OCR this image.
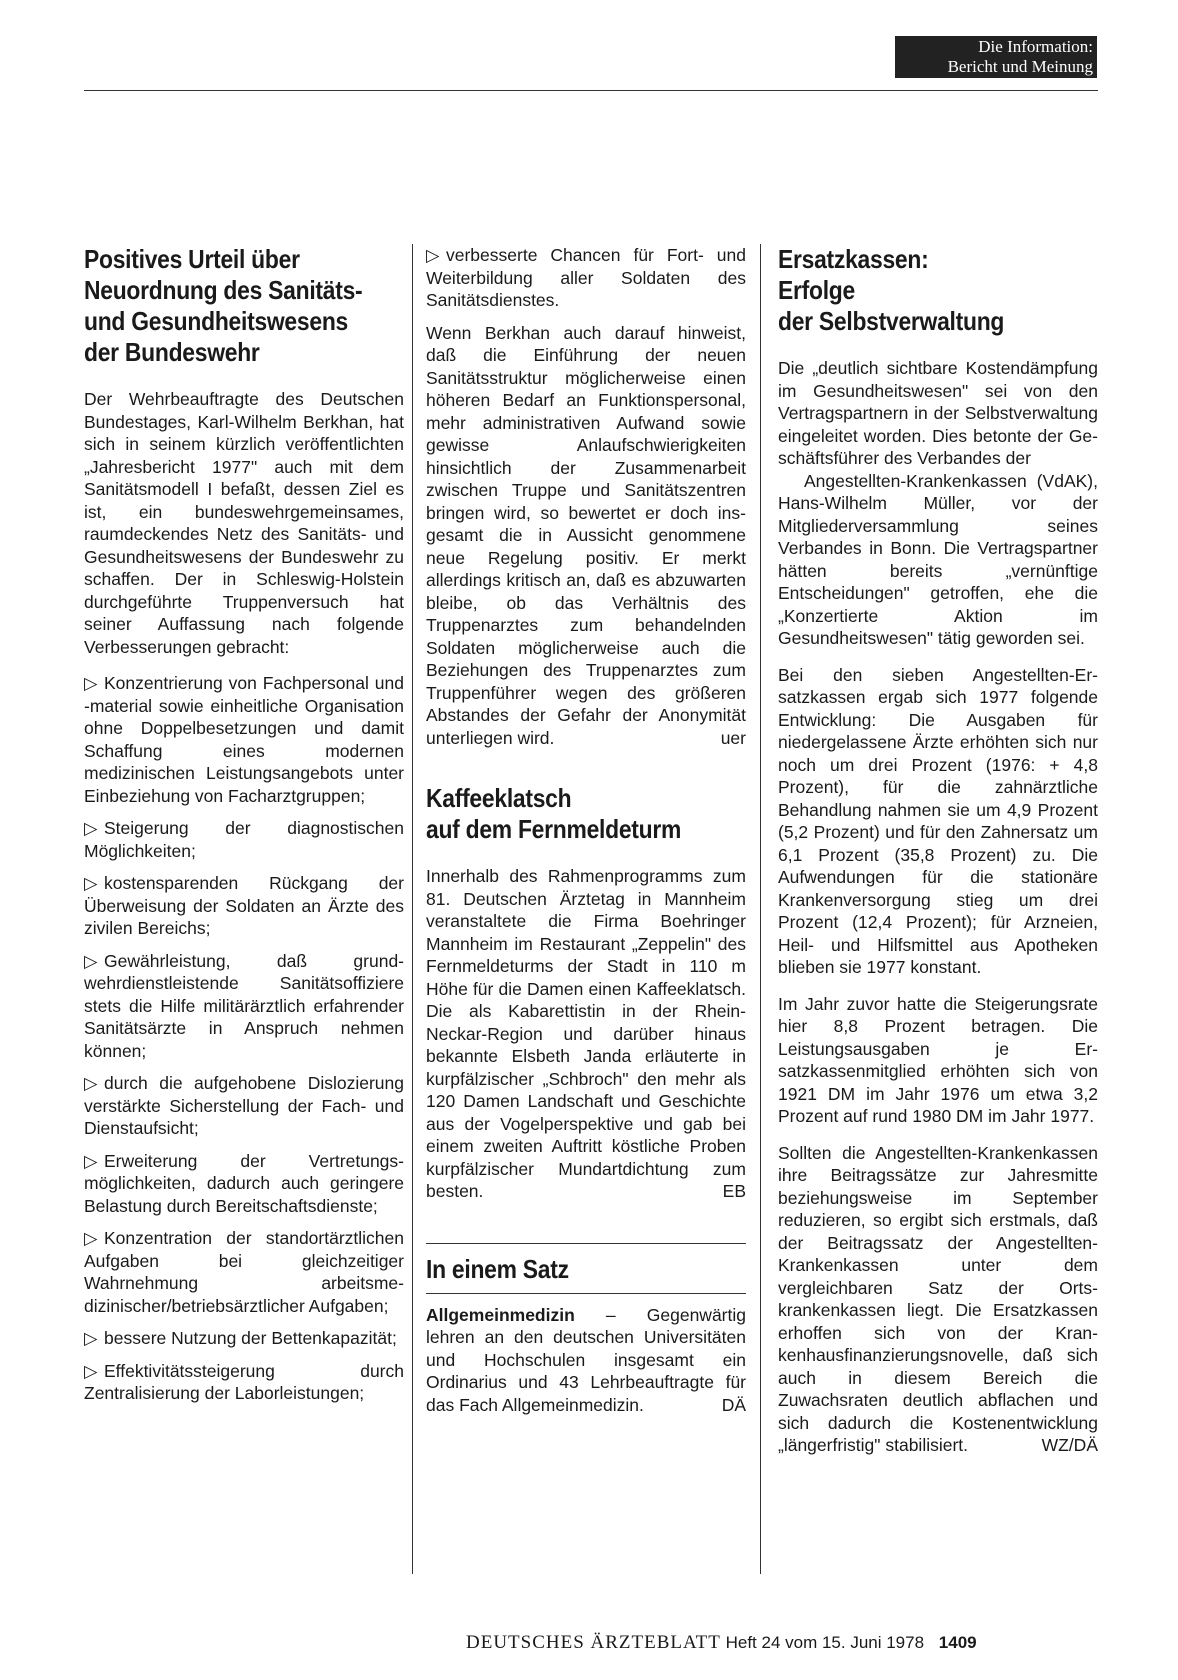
Die Information:
Bericht und Meinung
Positives Urteil über
Neuordnung des Sanitäts-
und Gesundheitswesens
der Bundeswehr

Der Wehrbeauftragte des Deutschen Bundestages, Karl-Wilhelm Berkhan, hat sich in seinem kürzlich veröffentlichten „Jahresbericht 1977" auch mit dem Sanitätsmodell I befaßt, dessen Ziel es ist, ein bundeswehrgemeinsames, raumdeckendes Netz des Sanitäts- und Gesundheitswesens der Bundeswehr zu schaffen. Der in Schleswig-Holstein durchgeführte Truppenversuch hat seiner Auffassung nach folgende Verbesserungen gebracht:

▷ Konzentrierung von Fachpersonal und -material sowie einheitliche Organisation ohne Doppelbesetzungen und damit Schaffung eines modernen medizinischen Leistungsangebots unter Einbeziehung von Facharztgruppen;

▷ Steigerung der diagnostischen Möglichkeiten;

▷ kostensparenden Rückgang der Überweisung der Soldaten an Ärzte des zivilen Bereichs;

▷ Gewährleistung, daß grundwehrdienstleistende Sanitätsoffiziere stets die Hilfe militärärztlich erfahrender Sanitätsärzte in Anspruch nehmen können;

▷ durch die aufgehobene Dislozierung verstärkte Sicherstellung der Fach- und Dienstaufsicht;

▷ Erweiterung der Vertretungsmöglichkeiten, dadurch auch geringere Belastung durch Bereitschaftsdienste;

▷ Konzentration der standortärztlichen Aufgaben bei gleichzeitiger Wahrnehmung arbeitsmedizinischer/betriebsärztlicher Aufgaben;

▷ bessere Nutzung der Bettenkapazität;

▷ Effektivitätssteigerung durch Zentralisierung der Laborleistungen;

▷ verbesserte Chancen für Fort- und Weiterbildung aller Soldaten des Sanitätsdienstes.

Wenn Berkhan auch darauf hinweist, daß die Einführung der neuen Sanitätsstruktur möglicherweise einen höheren Bedarf an Funktionspersonal, mehr administrativen Aufwand sowie gewisse Anlaufschwierigkeiten hinsichtlich der Zusammenarbeit zwischen Truppe und Sanitätszentren bringen wird, so bewertet er doch insgesamt die in Aussicht genommene neue Regelung positiv. Er merkt allerdings kritisch an, daß es abzuwarten bleibe, ob das Verhältnis des Truppenarztes zum behandelnden Soldaten möglicherweise auch die Beziehungen des Truppenarztes zum Truppenführer wegen des größeren Abstandes der Gefahr der Anonymität unterliegen wird.	uer

Kaffeeklatsch
auf dem Fernmeldeturm

Innerhalb des Rahmenprogramms zum 81. Deutschen Ärztetag in Mannheim veranstaltete die Firma Boehringer Mannheim im Restaurant „Zeppelin" des Fernmeldeturms der Stadt in 110 m Höhe für die Damen einen Kaffeeklatsch. Die als Kabarettistin in der Rhein-Neckar-Region und darüber hinaus bekannte Elsbeth Janda erläuterte in kurpfälzischer „Schbroch" den mehr als 120 Damen Landschaft und Geschichte aus der Vogelperspektive und gab bei einem zweiten Auftritt köstliche Proben kurpfälzischer Mundartdichtung zum besten.	EB

In einem Satz

Allgemeinmedizin – Gegenwärtig lehren an den deutschen Universitäten und Hochschulen insgesamt ein Ordinarius und 43 Lehrbeauftragte für das Fach Allgemeinmedizin.	DÄ

Ersatzkassen:
Erfolge
der Selbstverwaltung

Die „deutlich sichtbare Kostendämpfung im Gesundheitswesen" sei von den Vertragspartnern in der Selbstverwaltung eingeleitet worden. Dies betonte der Geschäftsführer des Verbandes der

Angestellten-Krankenkassen (VdAK), Hans-Wilhelm Müller, vor der Mitgliederversammlung seines Verbandes in Bonn. Die Vertragspartner hätten bereits „vernünftige Entscheidungen" getroffen, ehe die „Konzertierte Aktion im Gesundheitswesen" tätig geworden sei.

Bei den sieben Angestellten-Ersatzkassen ergab sich 1977 folgende Entwicklung: Die Ausgaben für niedergelassene Ärzte erhöhten sich nur noch um drei Prozent (1976: + 4,8 Prozent), für die zahnärztliche Behandlung nahmen sie um 4,9 Prozent (5,2 Prozent) und für den Zahnersatz um 6,1 Prozent (35,8 Prozent) zu. Die Aufwendungen für die stationäre Krankenversorgung stieg um drei Prozent (12,4 Prozent); für Arzneien, Heil- und Hilfsmittel aus Apotheken blieben sie 1977 konstant.

Im Jahr zuvor hatte die Steigerungsrate hier 8,8 Prozent betragen. Die Leistungsausgaben je Ersatzkassenmitglied erhöhten sich von 1921 DM im Jahr 1976 um etwa 3,2 Prozent auf rund 1980 DM im Jahr 1977.

Sollten die Angestellten-Krankenkassen ihre Beitragssätze zur Jahresmitte beziehungsweise im September reduzieren, so ergibt sich erstmals, daß der Beitragssatz der Angestellten-Krankenkassen unter dem vergleichbaren Satz der Ortskrankenkassen liegt. Die Ersatzkassen erhoffen sich von der Krankenhausfinanzierungsnovelle, daß sich auch in diesem Bereich die Zuwachsraten deutlich abflachen und sich dadurch die Kostenentwicklung „längerfristig" stabilisiert.	WZ/DÄ

DEUTSCHES ÄRZTEBLATT Heft 24 vom 15. Juni 1978 1409
